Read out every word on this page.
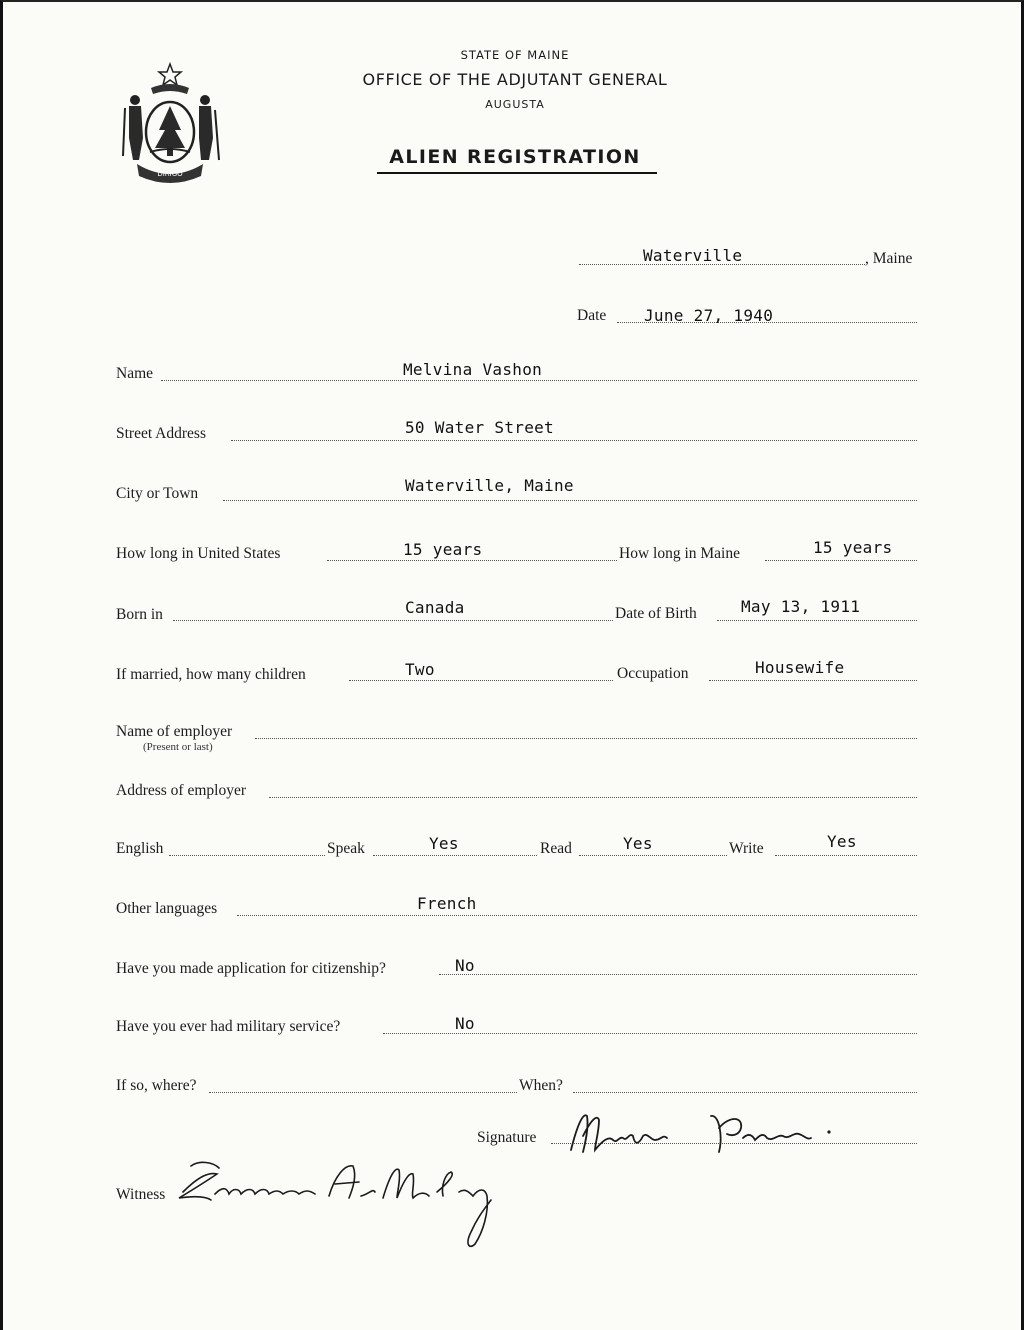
DIRIGO
STATE OF MAINE
OFFICE OF THE ADJUTANT GENERAL
AUGUSTA
ALIEN REGISTRATION
Waterville	, Maine
Date June 27, 1940
Name	Melvina Vashon
Street Address	50 Water Street
City or Town	Waterville, Maine
How long in United States	15 years	How long in Maine	15 years
Born in	Canada	Date of Birth	May 13, 1911
If married, how many children	Two	Occupation	Housewife
Name of employer
(Present or last)
Address of employer
English	Speak	Yes	Read	Yes	Write	Yes
Other languages	French
Have you made application for citizenship?	No
Have you ever had military service?	No
If so, where?	When?
Signature
Witness
